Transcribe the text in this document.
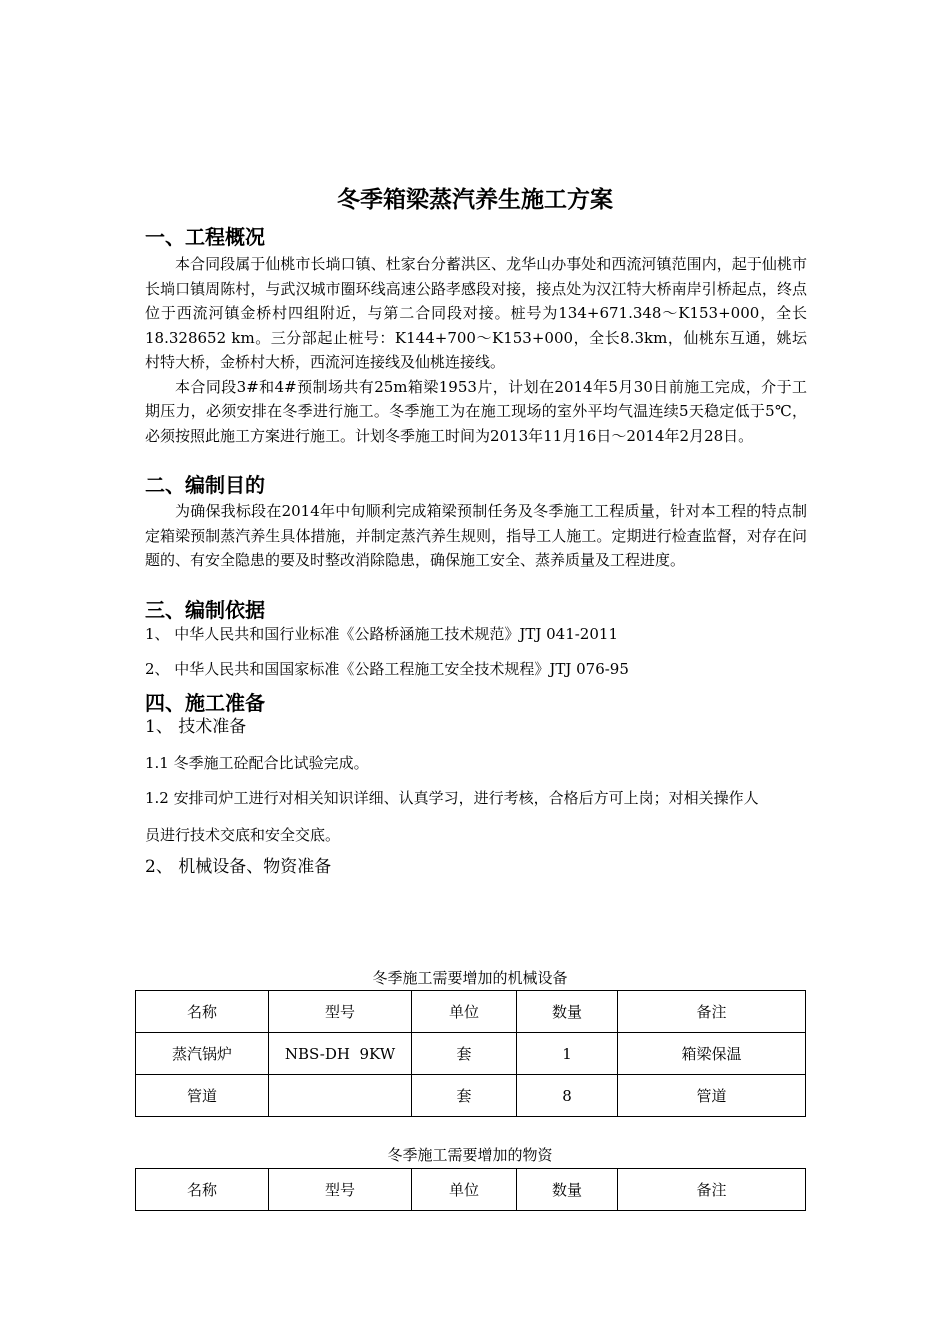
冬季箱梁蒸汽养生施工方案
一、工程概况

本合同段属于仙桃市长埫口镇、杜家台分蓄洪区、龙华山办事处和西流河镇范围内，起于仙桃市长埫口镇周陈村，与武汉城市圈环线高速公路孝感段对接，接点处为汉江特大桥南岸引桥起点，终点位于西流河镇金桥村四组附近，与第二合同段对接。桩号为134+671.348～K153+000，全长18.328652 km。三分部起止桩号：K144+700～K153+000，全长8.3km，仙桃东互通，姚坛村特大桥，金桥村大桥，西流河连接线及仙桃连接线。

本合同段3#和4#预制场共有25m箱梁1953片，计划在2014年5月30日前施工完成，介于工期压力，必须安排在冬季进行施工。冬季施工为在施工现场的室外平均气温连续5天稳定低于5℃，必须按照此施工方案进行施工。计划冬季施工时间为2013年11月16日～2014年2月28日。

二、编制目的

为确保我标段在2014年中旬顺利完成箱梁预制任务及冬季施工工程质量，针对本工程的特点制定箱梁预制蒸汽养生具体措施，并制定蒸汽养生规则，指导工人施工。定期进行检查监督，对存在问题的、有安全隐患的要及时整改消除隐患，确保施工安全、蒸养质量及工程进度。

三、编制依据
1、 中华人民共和国行业标准《公路桥涵施工技术规范》JTJ 041-2011
2、 中华人民共和国国家标准《公路工程施工安全技术规程》JTJ 076-95
四、施工准备
1、 技术准备
1.1 冬季施工砼配合比试验完成。
1.2 安排司炉工进行对相关知识详细、认真学习，进行考核，合格后方可上岗；对相关操作人
员进行技术交底和安全交底。
2、 机械设备、物资准备
冬季施工需要增加的机械设备
名称	型号	单位	数量	备注
蒸汽锅炉	NBS-DH  9KW	套	1	箱梁保温
管道		套	8	管道
冬季施工需要增加的物资
名称	型号	单位	数量	备注
